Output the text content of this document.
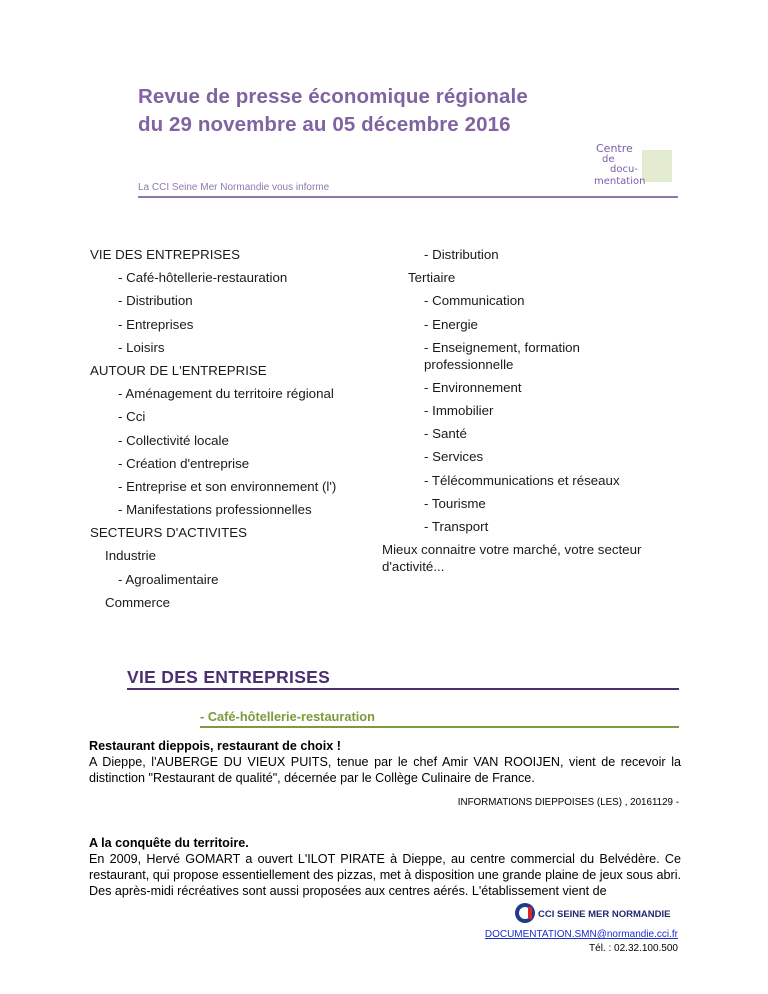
Revue de presse économique régionale
du 29 novembre au 05 décembre 2016
Centre
de
docu-
mentation
La CCI Seine Mer Normandie vous informe
VIE DES ENTREPRISES
- Café-hôtellerie-restauration
- Distribution
- Entreprises
- Loisirs
AUTOUR DE L'ENTREPRISE
- Aménagement du territoire régional
- Cci
- Collectivité locale
- Création d'entreprise
- Entreprise et son environnement (l')
- Manifestations professionnelles
SECTEURS D'ACTIVITES
Industrie
- Agroalimentaire
Commerce
- Distribution
Tertiaire
- Communication
- Energie
- Enseignement, formation
professionnelle
- Environnement
- Immobilier
- Santé
- Services
- Télécommunications et réseaux
- Tourisme
- Transport
Mieux connaitre votre marché, votre secteur
d'activité...
VIE DES ENTREPRISES
- Café-hôtellerie-restauration
Restaurant dieppois, restaurant de choix !
A Dieppe, l'AUBERGE DU VIEUX PUITS, tenue par le chef Amir VAN ROOIJEN, vient de recevoir la distinction "Restaurant de qualité", décernée par le Collège Culinaire de France.
INFORMATIONS DIEPPOISES (LES) , 20161129 -
A la conquête du territoire.
En 2009, Hervé GOMART a ouvert L'ILOT PIRATE à Dieppe, au centre commercial du Belvédère. Ce restaurant, qui propose essentiellement des pizzas, met à disposition une grande plaine de jeux sous abri. Des après-midi récréatives sont aussi proposées aux centres aérés. L'établissement vient de
CCI SEINE MER NORMANDIE
DOCUMENTATION.SMN@normandie.cci.fr
Tél. : 02.32.100.500
